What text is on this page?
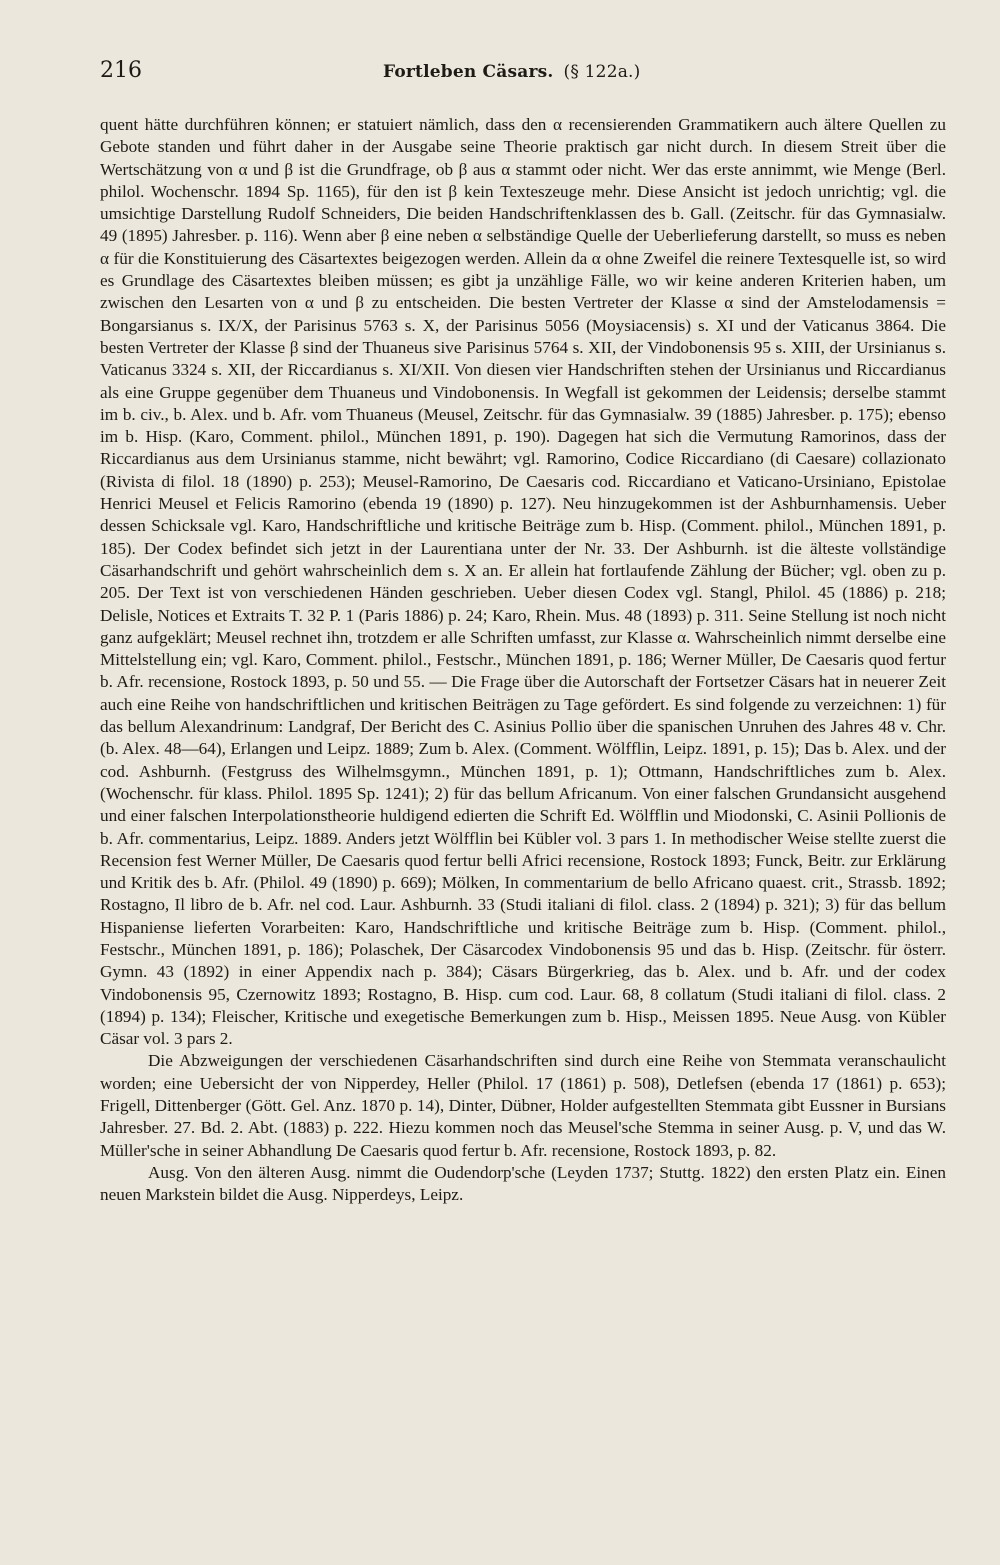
216	Fortleben Cäsars. (§ 122a.)

quent hätte durchführen können; er statuiert nämlich, dass den α recensierenden Grammatikern auch ältere Quellen zu Gebote standen und führt daher in der Ausgabe seine Theorie praktisch gar nicht durch. In diesem Streit über die Wertschätzung von α und β ist die Grundfrage, ob β aus α stammt oder nicht. Wer das erste annimmt, wie Menge (Berl. philol. Wochenschr. 1894 Sp. 1165), für den ist β kein Texteszeuge mehr. Diese Ansicht ist jedoch unrichtig; vgl. die umsichtige Darstellung Rudolf Schneiders, Die beiden Handschriftenklassen des b. Gall. (Zeitschr. für das Gymnasialw. 49 (1895) Jahresber. p. 116). Wenn aber β eine neben α selbständige Quelle der Ueberlieferung darstellt, so muss es neben α für die Konstituierung des Cäsartextes beigezogen werden. Allein da α ohne Zweifel die reinere Textesquelle ist, so wird es Grundlage des Cäsartextes bleiben müssen; es gibt ja unzählige Fälle, wo wir keine anderen Kriterien haben, um zwischen den Lesarten von α und β zu entscheiden. Die besten Vertreter der Klasse α sind der Amstelodamensis = Bongarsianus s. IX/X, der Parisinus 5763 s. X, der Parisinus 5056 (Moysiacensis) s. XI und der Vaticanus 3864. Die besten Vertreter der Klasse β sind der Thuaneus sive Parisinus 5764 s. XII, der Vindobonensis 95 s. XIII, der Ursinianus s. Vaticanus 3324 s. XII, der Riccardianus s. XI/XII. Von diesen vier Handschriften stehen der Ursinianus und Riccardianus als eine Gruppe gegenüber dem Thuaneus und Vindobonensis. In Wegfall ist gekommen der Leidensis; derselbe stammt im b. civ., b. Alex. und b. Afr. vom Thuaneus (Meusel, Zeitschr. für das Gymnasialw. 39 (1885) Jahresber. p. 175); ebenso im b. Hisp. (Karo, Comment. philol., München 1891, p. 190). Dagegen hat sich die Vermutung Ramorinos, dass der Riccardianus aus dem Ursinianus stamme, nicht bewährt; vgl. Ramorino, Codice Riccardiano (di Caesare) collazionato (Rivista di filol. 18 (1890) p. 253); Meusel-Ramorino, De Caesaris cod. Riccardiano et Vaticano-Ursiniano, Epistolae Henrici Meusel et Felicis Ramorino (ebenda 19 (1890) p. 127). Neu hinzugekommen ist der Ashburnhamensis. Ueber dessen Schicksale vgl. Karo, Handschriftliche und kritische Beiträge zum b. Hisp. (Comment. philol., München 1891, p. 185). Der Codex befindet sich jetzt in der Laurentiana unter der Nr. 33. Der Ashburnh. ist die älteste vollständige Cäsarhandschrift und gehört wahrscheinlich dem s. X an. Er allein hat fortlaufende Zählung der Bücher; vgl. oben zu p. 205. Der Text ist von verschiedenen Händen geschrieben. Ueber diesen Codex vgl. Stangl, Philol. 45 (1886) p. 218; Delisle, Notices et Extraits T. 32 P. 1 (Paris 1886) p. 24; Karo, Rhein. Mus. 48 (1893) p. 311. Seine Stellung ist noch nicht ganz aufgeklärt; Meusel rechnet ihn, trotzdem er alle Schriften umfasst, zur Klasse α. Wahrscheinlich nimmt derselbe eine Mittelstellung ein; vgl. Karo, Comment. philol., Festschr., München 1891, p. 186; Werner Müller, De Caesaris quod fertur b. Afr. recensione, Rostock 1893, p. 50 und 55. — Die Frage über die Autorschaft der Fortsetzer Cäsars hat in neuerer Zeit auch eine Reihe von handschriftlichen und kritischen Beiträgen zu Tage gefördert. Es sind folgende zu verzeichnen: 1) für das bellum Alexandrinum: Landgraf, Der Bericht des C. Asinius Pollio über die spanischen Unruhen des Jahres 48 v. Chr. (b. Alex. 48—64), Erlangen und Leipz. 1889; Zum b. Alex. (Comment. Wölfflin, Leipz. 1891, p. 15); Das b. Alex. und der cod. Ashburnh. (Festgruss des Wilhelmsgymn., München 1891, p. 1); Ottmann, Handschriftliches zum b. Alex. (Wochenschr. für klass. Philol. 1895 Sp. 1241); 2) für das bellum Africanum. Von einer falschen Grundansicht ausgehend und einer falschen Interpolationstheorie huldigend edierten die Schrift Ed. Wölfflin und Miodonski, C. Asinii Pollionis de b. Afr. commentarius, Leipz. 1889. Anders jetzt Wölfflin bei Kübler vol. 3 pars 1. In methodischer Weise stellte zuerst die Recension fest Werner Müller, De Caesaris quod fertur belli Africi recensione, Rostock 1893; Funck, Beitr. zur Erklärung und Kritik des b. Afr. (Philol. 49 (1890) p. 669); Mölken, In commentarium de bello Africano quaest. crit., Strassb. 1892; Rostagno, Il libro de b. Afr. nel cod. Laur. Ashburnh. 33 (Studi italiani di filol. class. 2 (1894) p. 321); 3) für das bellum Hispaniense lieferten Vorarbeiten: Karo, Handschriftliche und kritische Beiträge zum b. Hisp. (Comment. philol., Festschr., München 1891, p. 186); Polaschek, Der Cäsarcodex Vindobonensis 95 und das b. Hisp. (Zeitschr. für österr. Gymn. 43 (1892) in einer Appendix nach p. 384); Cäsars Bürgerkrieg, das b. Alex. und b. Afr. und der codex Vindobonensis 95, Czernowitz 1893; Rostagno, B. Hisp. cum cod. Laur. 68, 8 collatum (Studi italiani di filol. class. 2 (1894) p. 134); Fleischer, Kritische und exegetische Bemerkungen zum b. Hisp., Meissen 1895. Neue Ausg. von Kübler Cäsar vol. 3 pars 2.

Die Abzweigungen der verschiedenen Cäsarhandschriften sind durch eine Reihe von Stemmata veranschaulicht worden; eine Uebersicht der von Nipperdey, Heller (Philol. 17 (1861) p. 508), Detlefsen (ebenda 17 (1861) p. 653); Frigell, Dittenberger (Gött. Gel. Anz. 1870 p. 14), Dinter, Dübner, Holder aufgestellten Stemmata gibt Eussner in Bursians Jahresber. 27. Bd. 2. Abt. (1883) p. 222. Hiezu kommen noch das Meusel'sche Stemma in seiner Ausg. p. V, und das W. Müller'sche in seiner Abhandlung De Caesaris quod fertur b. Afr. recensione, Rostock 1893, p. 82.

Ausg. Von den älteren Ausg. nimmt die Oudendorp'sche (Leyden 1737; Stuttg. 1822) den ersten Platz ein. Einen neuen Markstein bildet die Ausg. Nipperdeys, Leipz.
